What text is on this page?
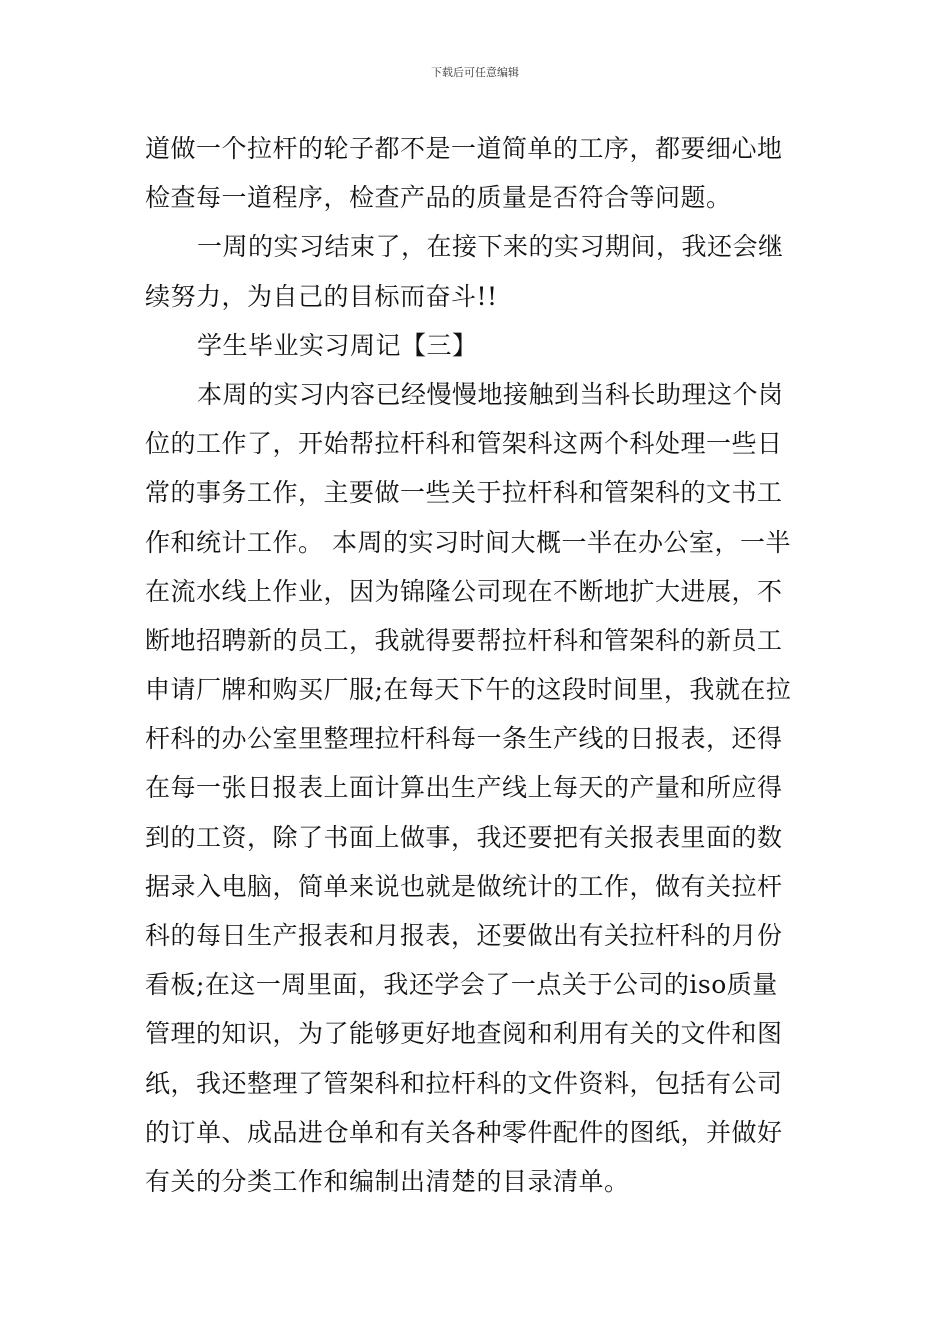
下载后可任意编辑
道做一个拉杆的轮子都不是一道简单的工序，都要细心地
检查每一道程序，检查产品的质量是否符合等问题。
一周的实习结束了，在接下来的实习期间，我还会继
续努力，为自己的目标而奋斗!!
学生毕业实习周记【三】
本周的实习内容已经慢慢地接触到当科长助理这个岗
位的工作了，开始帮拉杆科和管架科这两个科处理一些日
常的事务工作，主要做一些关于拉杆科和管架科的文书工
作和统计工作。 本周的实习时间大概一半在办公室，一半
在流水线上作业，因为锦隆公司现在不断地扩大进展，不
断地招聘新的员工，我就得要帮拉杆科和管架科的新员工
申请厂牌和购买厂服;在每天下午的这段时间里，我就在拉
杆科的办公室里整理拉杆科每一条生产线的日报表，还得
在每一张日报表上面计算出生产线上每天的产量和所应得
到的工资，除了书面上做事，我还要把有关报表里面的数
据录入电脑，简单来说也就是做统计的工作，做有关拉杆
科的每日生产报表和月报表，还要做出有关拉杆科的月份
看板;在这一周里面，我还学会了一点关于公司的iso质量
管理的知识，为了能够更好地查阅和利用有关的文件和图
纸，我还整理了管架科和拉杆科的文件资料，包括有公司
的订单、成品进仓单和有关各种零件配件的图纸，并做好
有关的分类工作和编制出清楚的目录清单。
